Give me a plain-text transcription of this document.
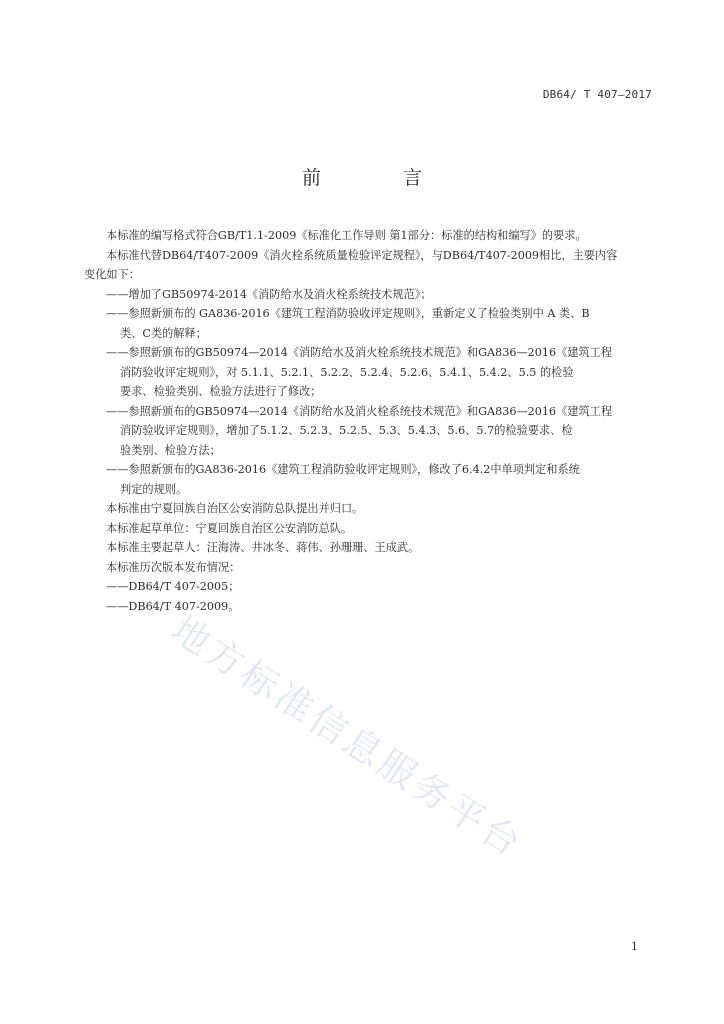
DB64/ T 407—2017
前 言
本标准的编写格式符合GB/T1.1-2009《标准化工作导则 第1部分：标准的结构和编写》的要求。
本标准代替DB64/T407-2009《消火栓系统质量检验评定规程》，与DB64/T407-2009相比，主要内容
变化如下：
——增加了GB50974-2014《消防给水及消火栓系统技术规范》；
——参照新颁布的 GA836-2016《建筑工程消防验收评定规则》，重新定义了检验类别中 A 类、B
类、C类的解释；
——参照新颁布的GB50974—2014《消防给水及消火栓系统技术规范》和GA836—2016《建筑工程
消防验收评定规则》，对 5.1.1、5.2.1、5.2.2、5.2.4、5.2.6、5.4.1、5.4.2、5.5 的检验
要求、检验类别、检验方法进行了修改；
——参照新颁布的GB50974—2014《消防给水及消火栓系统技术规范》和GA836—2016《建筑工程
消防验收评定规则》，增加了5.1.2、5.2.3、5.2.5、5.3、5.4.3、5.6、5.7的检验要求、检
验类别、检验方法；
——参照新颁布的GA836-2016《建筑工程消防验收评定规则》，修改了6.4.2中单项判定和系统
判定的规则。
本标准由宁夏回族自治区公安消防总队提出并归口。
本标准起草单位：宁夏回族自治区公安消防总队。
本标准主要起草人：汪海涛、井冰冬、蒋伟、孙珊珊、王成武。
本标准历次版本发布情况：
——DB64/T 407-2005；
——DB64/T 407-2009。
地方标准信息服务平台
1
